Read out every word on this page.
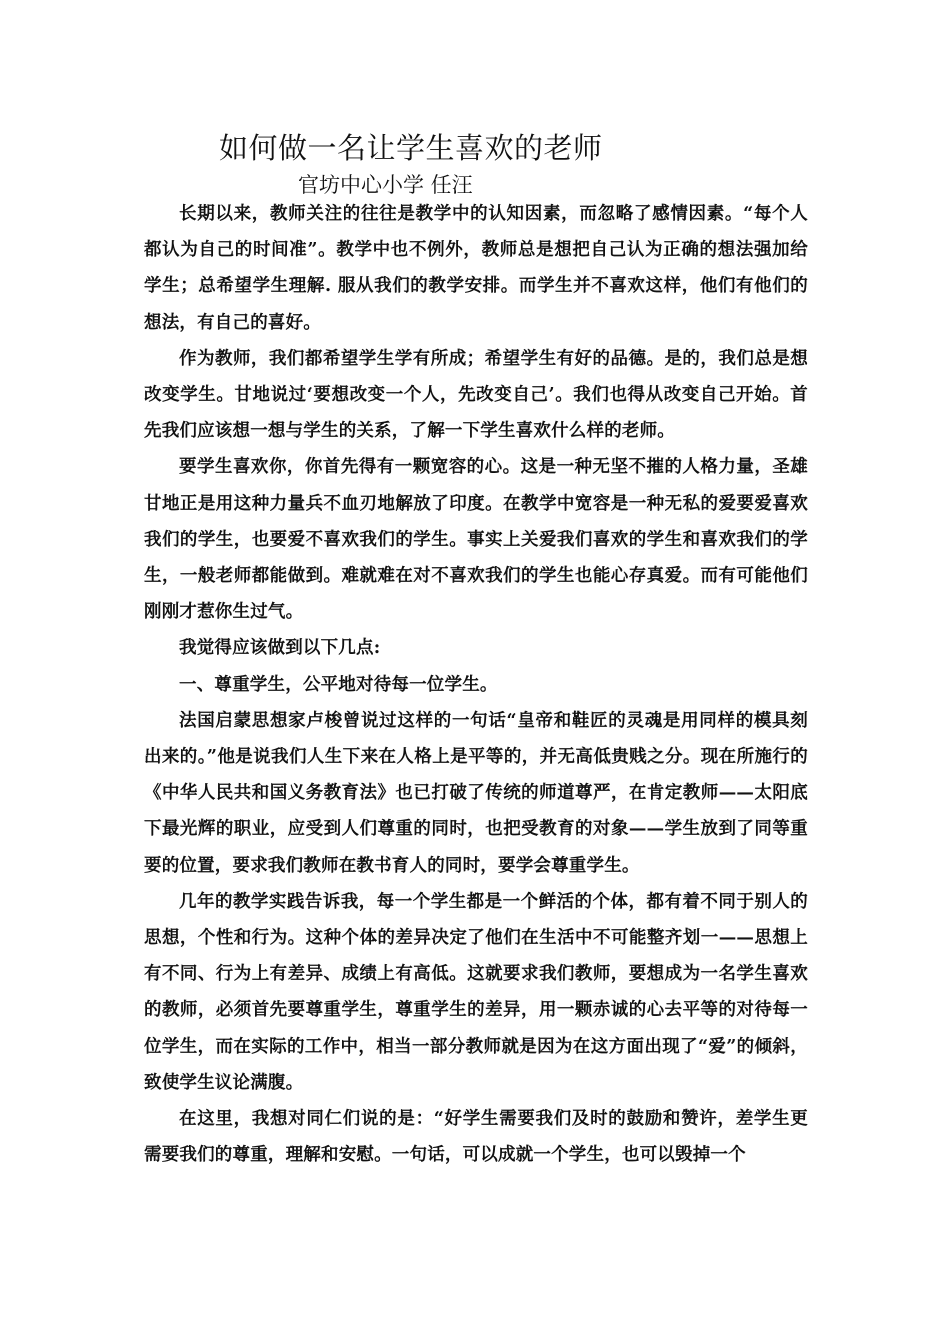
如何做一名让学生喜欢的老师
官坊中心小学 任汪

长期以来，教师关注的往往是教学中的认知因素，而忽略了感情因素。“每个人都认为自己的时间准”。教学中也不例外，教师总是想把自己认为正确的想法强加给学生；总希望学生理解. 服从我们的教学安排。而学生并不喜欢这样，他们有他们的想法，有自己的喜好。

作为教师，我们都希望学生学有所成；希望学生有好的品德。是的，我们总是想改变学生。甘地说过‘要想改变一个人，先改变自己’。我们也得从改变自己开始。首先我们应该想一想与学生的关系，了解一下学生喜欢什么样的老师。

要学生喜欢你，你首先得有一颗宽容的心。这是一种无坚不摧的人格力量，圣雄甘地正是用这种力量兵不血刃地解放了印度。在教学中宽容是一种无私的爱要爱喜欢我们的学生，也要爱不喜欢我们的学生。事实上关爱我们喜欢的学生和喜欢我们的学生，一般老师都能做到。难就难在对不喜欢我们的学生也能心存真爱。而有可能他们刚刚才惹你生过气。

我觉得应该做到以下几点:

一、尊重学生，公平地对待每一位学生。

法国启蒙思想家卢梭曾说过这样的一句话“皇帝和鞋匠的灵魂是用同样的模具刻出来的。”他是说我们人生下来在人格上是平等的，并无高低贵贱之分。现在所施行的《中华人民共和国义务教育法》也已打破了传统的师道尊严，在肯定教师——太阳底下最光辉的职业，应受到人们尊重的同时，也把受教育的对象——学生放到了同等重要的位置，要求我们教师在教书育人的同时，要学会尊重学生。

几年的教学实践告诉我，每一个学生都是一个鲜活的个体，都有着不同于别人的思想，个性和行为。这种个体的差异决定了他们在生活中不可能整齐划一——思想上有不同、行为上有差异、成绩上有高低。这就要求我们教师，要想成为一名学生喜欢的教师，必须首先要尊重学生，尊重学生的差异，用一颗赤诚的心去平等的对待每一位学生，而在实际的工作中，相当一部分教师就是因为在这方面出现了“爱”的倾斜，致使学生议论满腹。

在这里，我想对同仁们说的是：“好学生需要我们及时的鼓励和赞许，差学生更需要我们的尊重，理解和安慰。一句话，可以成就一个学生，也可以毁掉一个
